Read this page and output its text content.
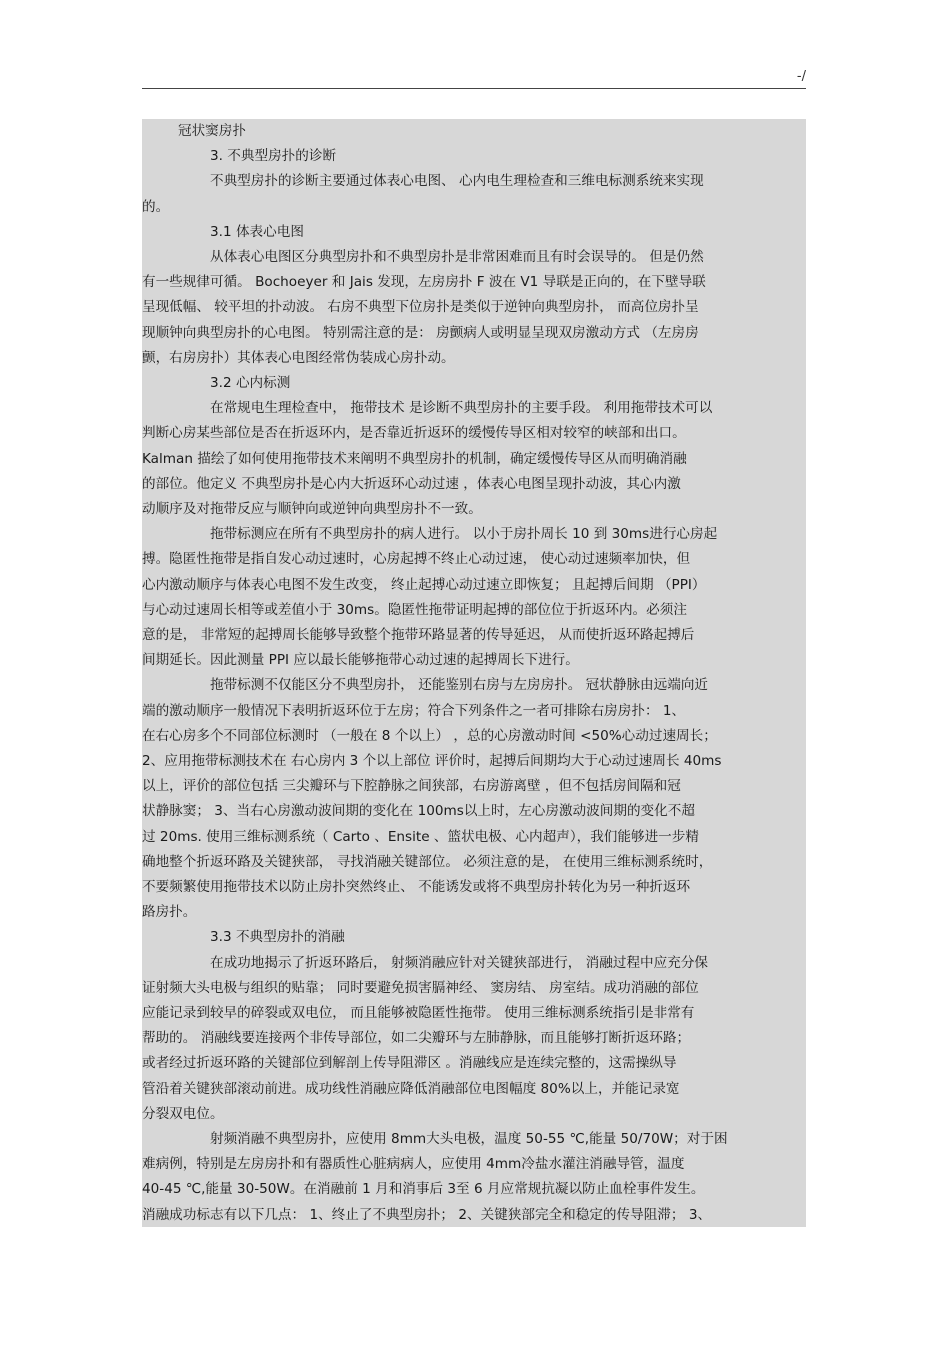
-/
冠状窦房扑
3. 不典型房扑的诊断
不典型房扑的诊断主要通过体表心电图、 心内电生理检查和三维电标测系统来实现
的。
3.1 体表心电图
从体表心电图区分典型房扑和不典型房扑是非常困难而且有时会误导的。 但是仍然
有一些规律可循。 Bochoeyer 和 Jais 发现，左房房扑 F 波在 V1 导联是正向的，在下壁导联
呈现低幅、 较平坦的扑动波。 右房不典型下位房扑是类似于逆钟向典型房扑， 而高位房扑呈
现顺钟向典型房扑的心电图。 特别需注意的是： 房颤病人或明显呈现双房激动方式 （左房房
颤，右房房扑）其体表心电图经常伪装成心房扑动。
3.2 心内标测
在常规电生理检查中， 拖带技术 是诊断不典型房扑的主要手段。 利用拖带技术可以
判断心房某些部位是否在折返环内，是否靠近折返环的缓慢传导区相对较窄的峡部和出口。
Kalman 描绘了如何使用拖带技术来阐明不典型房扑的机制，确定缓慢传导区从而明确消融
的部位。他定义 不典型房扑是心内大折返环心动过速 ，体表心电图呈现扑动波，其心内激
动顺序及对拖带反应与顺钟向或逆钟向典型房扑不一致。
拖带标测应在所有不典型房扑的病人进行。 以小于房扑周长 10 到 30ms进行心房起
搏。隐匿性拖带是指自发心动过速时，心房起搏不终止心动过速， 使心动过速频率加快，但
心内激动顺序与体表心电图不发生改变， 终止起搏心动过速立即恢复； 且起搏后间期 （PPI）
与心动过速周长相等或差值小于 30ms。隐匿性拖带证明起搏的部位位于折返环内。必须注
意的是， 非常短的起搏周长能够导致整个拖带环路显著的传导延迟， 从而使折返环路起搏后
间期延长。因此测量 PPI 应以最长能够拖带心动过速的起搏周长下进行。
拖带标测不仅能区分不典型房扑， 还能鉴别右房与左房房扑。 冠状静脉由远端向近
端的激动顺序一般情况下表明折返环位于左房；符合下列条件之一者可排除右房房扑： 1、
在右心房多个不同部位标测时 （一般在 8 个以上） ，总的心房激动时间 <50%心动过速周长；
2、应用拖带标测技术在 右心房内 3 个以上部位 评价时，起搏后间期均大于心动过速周长 40ms
以上，评价的部位包括 三尖瓣环与下腔静脉之间狭部，右房游离壁 ，但不包括房间隔和冠
状静脉窦； 3、当右心房激动波间期的变化在 100ms以上时，左心房激动波间期的变化不超
过 20ms. 使用三维标测系统（ Carto 、Ensite 、篮状电极、心内超声），我们能够进一步精
确地整个折返环路及关键狭部， 寻找消融关键部位。 必须注意的是， 在使用三维标测系统时，
不要频繁使用拖带技术以防止房扑突然终止、 不能诱发或将不典型房扑转化为另一种折返环
路房扑。
3.3 不典型房扑的消融
在成功地揭示了折返环路后， 射频消融应针对关键狭部进行， 消融过程中应充分保
证射频大头电极与组织的贴靠； 同时要避免损害膈神经、 窦房结、 房室结。成功消融的部位
应能记录到较早的碎裂或双电位， 而且能够被隐匿性拖带。 使用三维标测系统指引是非常有
帮助的。 消融线要连接两个非传导部位，如二尖瓣环与左肺静脉，而且能够打断折返环路；
或者经过折返环路的关键部位到解剖上传导阻滞区 。消融线应是连续完整的，这需操纵导
管沿着关键狭部滚动前进。成功线性消融应降低消融部位电图幅度 80%以上，并能记录宽
分裂双电位。
射频消融不典型房扑，应使用 8mm大头电极，温度 50-55 ℃,能量 50/70W；对于困
难病例，特别是左房房扑和有器质性心脏病病人，应使用 4mm冷盐水灌注消融导管，温度
40-45 ℃,能量 30-50W。在消融前 1 月和消事后 3至 6 月应常规抗凝以防止血栓事件发生。
消融成功标志有以下几点： 1、终止了不典型房扑； 2、关键狭部完全和稳定的传导阻滞； 3、
